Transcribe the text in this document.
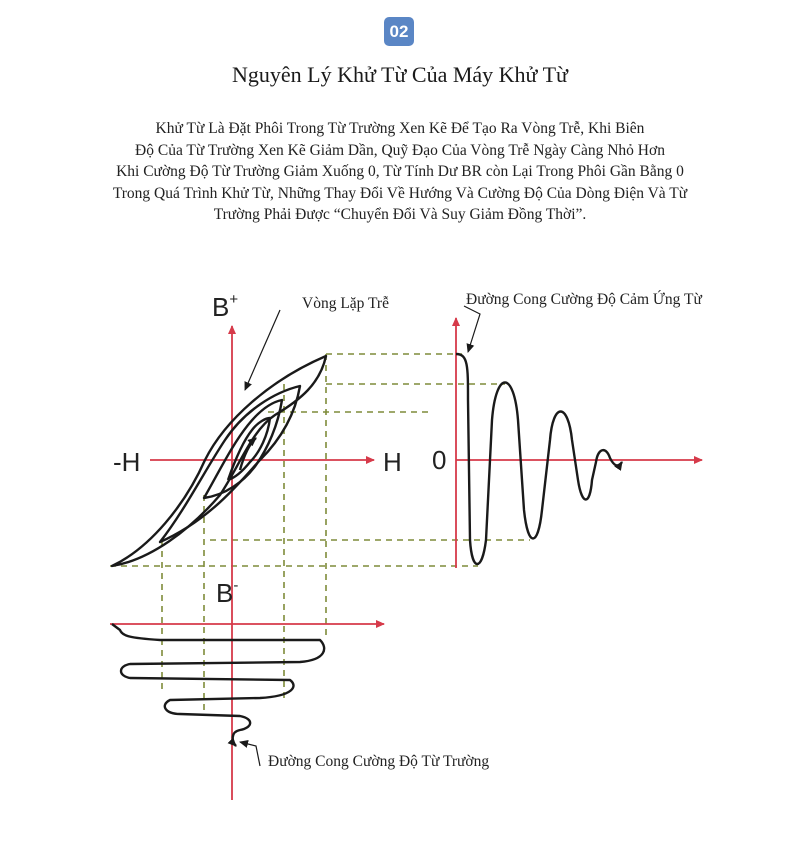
02
Nguyên Lý Khử Từ Của Máy Khử Từ
Khử Từ Là Đặt Phôi Trong Từ Trường Xen Kẽ Để Tạo Ra Vòng Trễ, Khi Biên
Độ Của Từ Trường Xen Kẽ Giảm Dần, Quỹ Đạo Của Vòng Trễ Ngày Càng Nhỏ Hơn
Khi Cường Độ Từ Trường Giảm Xuống 0, Từ Tính Dư BR còn Lại Trong Phôi Gần Bằng 0
Trong Quá Trình Khử Từ, Những Thay Đổi Về Hướng Và Cường Độ Của Dòng Điện Và Từ
Trường Phải Được “Chuyển Đổi Và Suy Giảm Đồng Thời”.
B+
B-
-H	H 0
Vòng Lặp Trễ	Đường Cong Cường Độ Cảm Ứng Từ
Đường Cong Cường Độ Từ Trường
